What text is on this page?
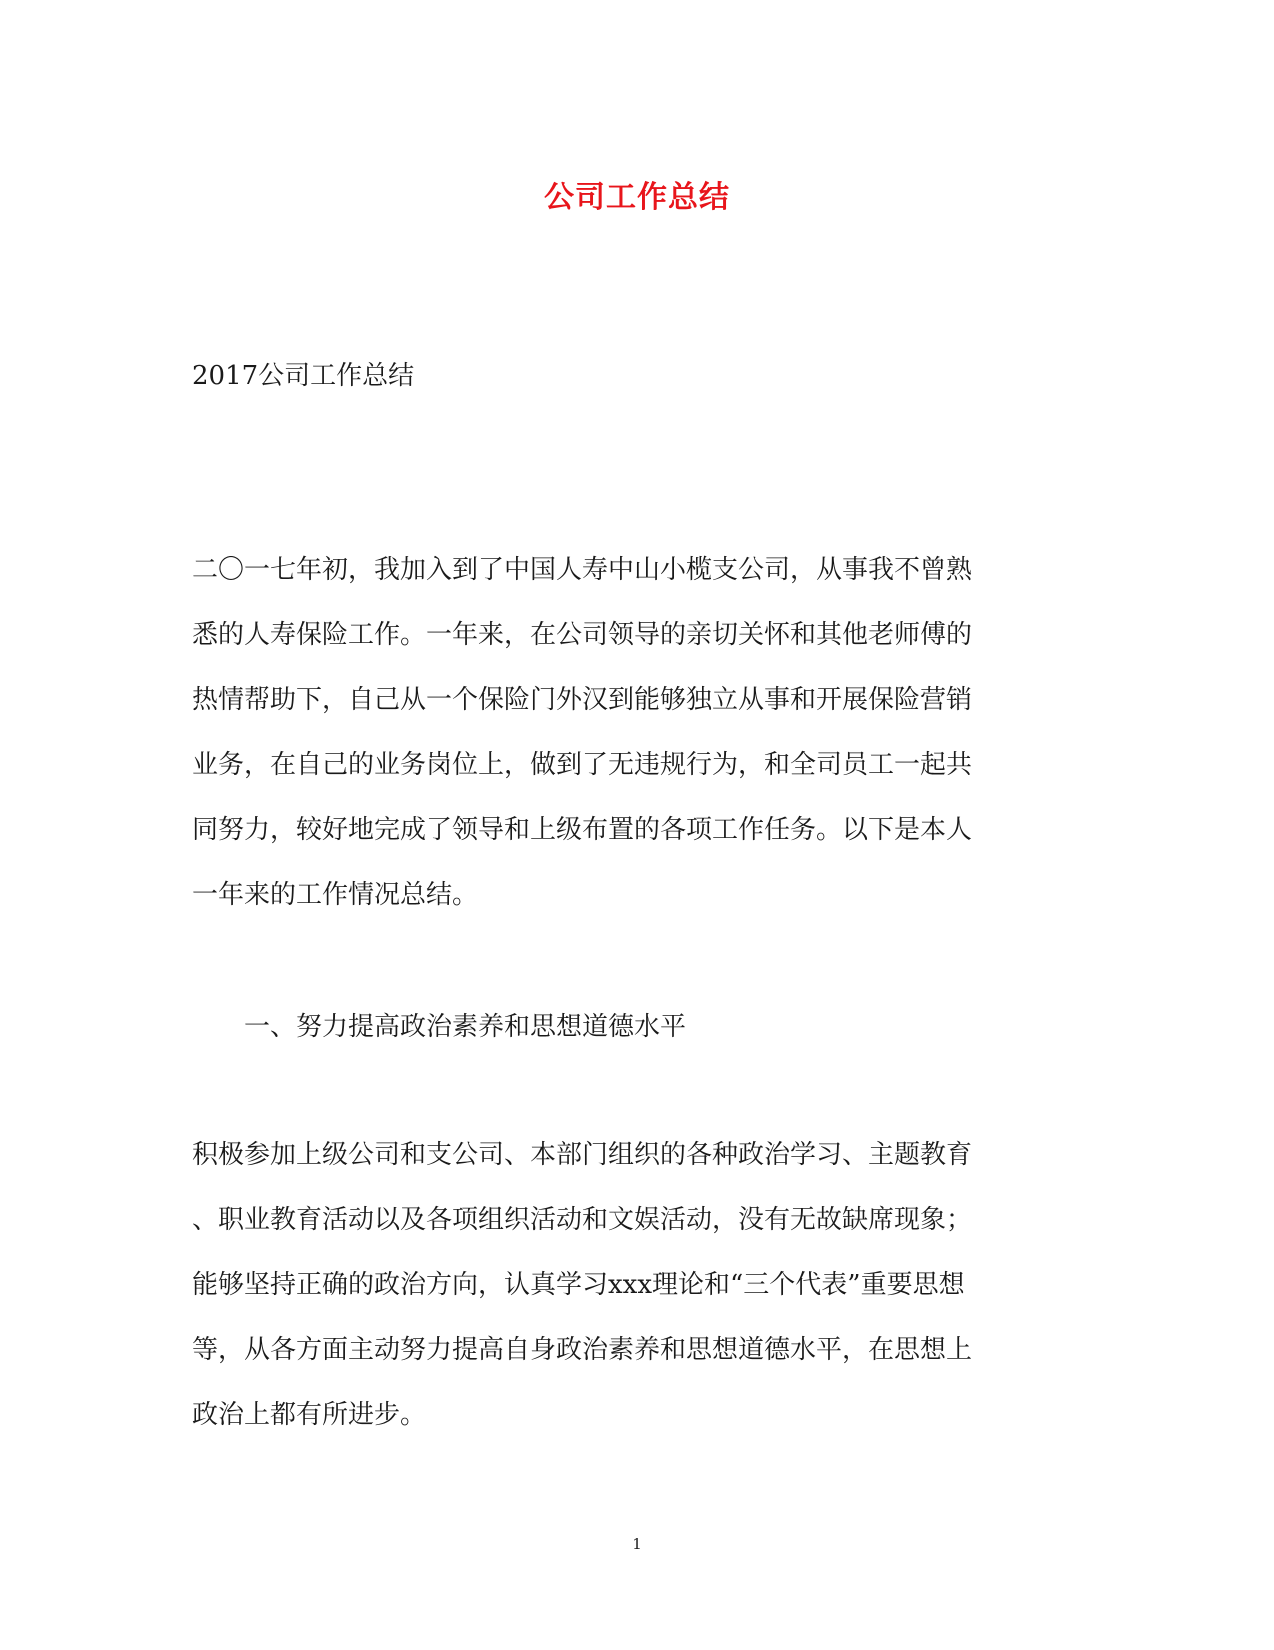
公司工作总结
2017公司工作总结
二〇一七年初，我加入到了中国人寿中山小榄支公司，从事我不曾熟
悉的人寿保险工作。一年来，在公司领导的亲切关怀和其他老师傅的
热情帮助下，自己从一个保险门外汉到能够独立从事和开展保险营销
业务，在自己的业务岗位上，做到了无违规行为，和全司员工一起共
同努力，较好地完成了领导和上级布置的各项工作任务。以下是本人
一年来的工作情况总结。
一、努力提高政治素养和思想道德水平
积极参加上级公司和支公司、本部门组织的各种政治学习、主题教育
、职业教育活动以及各项组织活动和文娱活动，没有无故缺席现象；
能够坚持正确的政治方向，认真学习xxx理论和“三个代表”重要思想
等，从各方面主动努力提高自身政治素养和思想道德水平，在思想上
政治上都有所进步。
1
